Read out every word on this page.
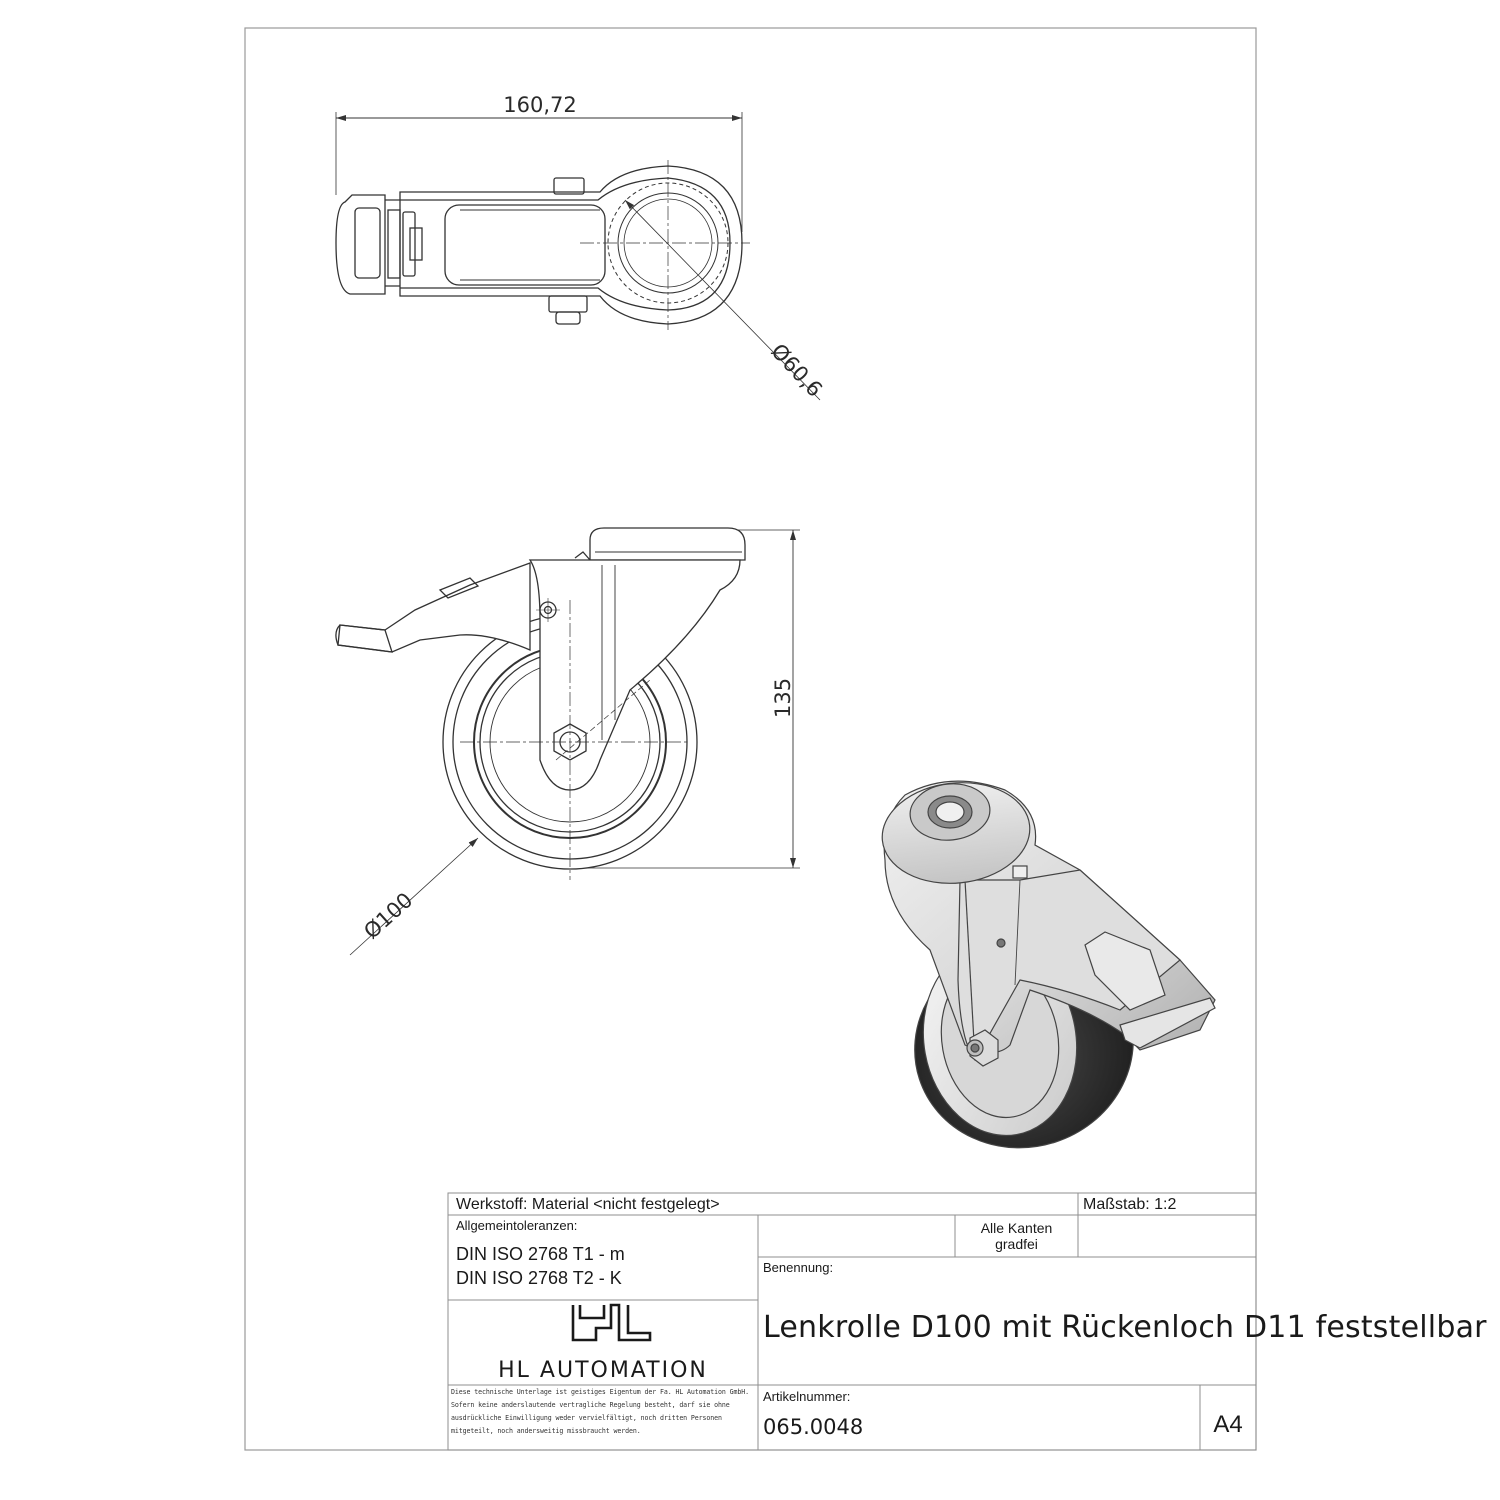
160,72
Ø60,6
135
Ø100
Werkstoff: Material <nicht festgelegt>	Maßstab: 1:2
Allgemeintoleranzen:
DIN ISO 2768 T1 - m
DIN ISO 2768 T2 - K
Alle Kanten
gradfei
Benennung:
Lenkrolle D100 mit Rückenloch D11 feststellbar
HL AUTOMATION
Diese technische Unterlage ist geistiges Eigentum der Fa. HL Automation GmbH. Sofern keine anderslautende vertragliche Regelung besteht, darf sie ohne ausdrückliche Einwilligung weder vervielfältigt, noch dritten Personen mitgeteilt, noch andersweitig missbraucht werden.
Artikelnummer:
065.0048	A4
